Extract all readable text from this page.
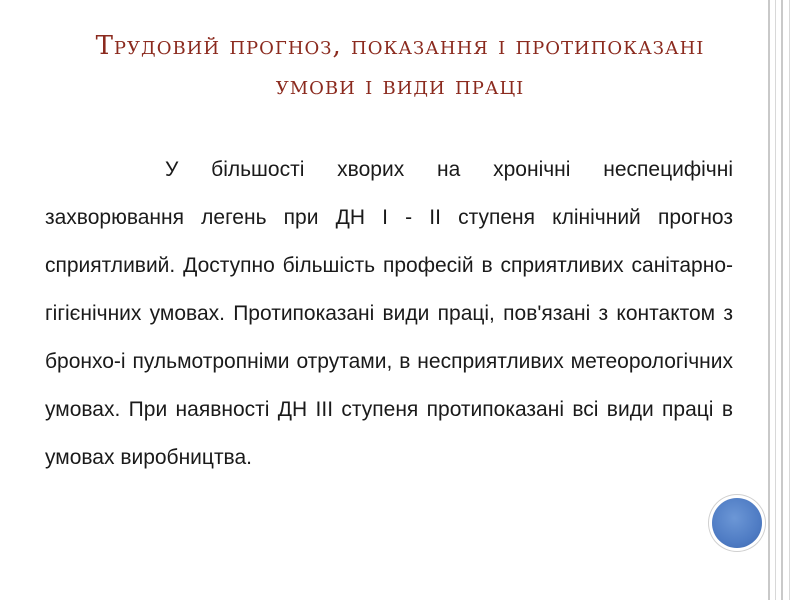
Трудовий прогноз, показання і протипоказані
умови і види праці

У більшості хворих на хронічні неспецифічні захворювання легень при ДН І - ІІ ступеня клінічний прогноз сприятливий. Доступно більшість професій в сприятливих санітарно-гігієнічних умовах. Протипоказані види праці, пов'язані з контактом з бронхо-і пульмотропніми отрутами, в несприятливих метеорологічних умовах. При наявності ДН ІІІ ступеня протипоказані всі види праці в умовах виробництва.
